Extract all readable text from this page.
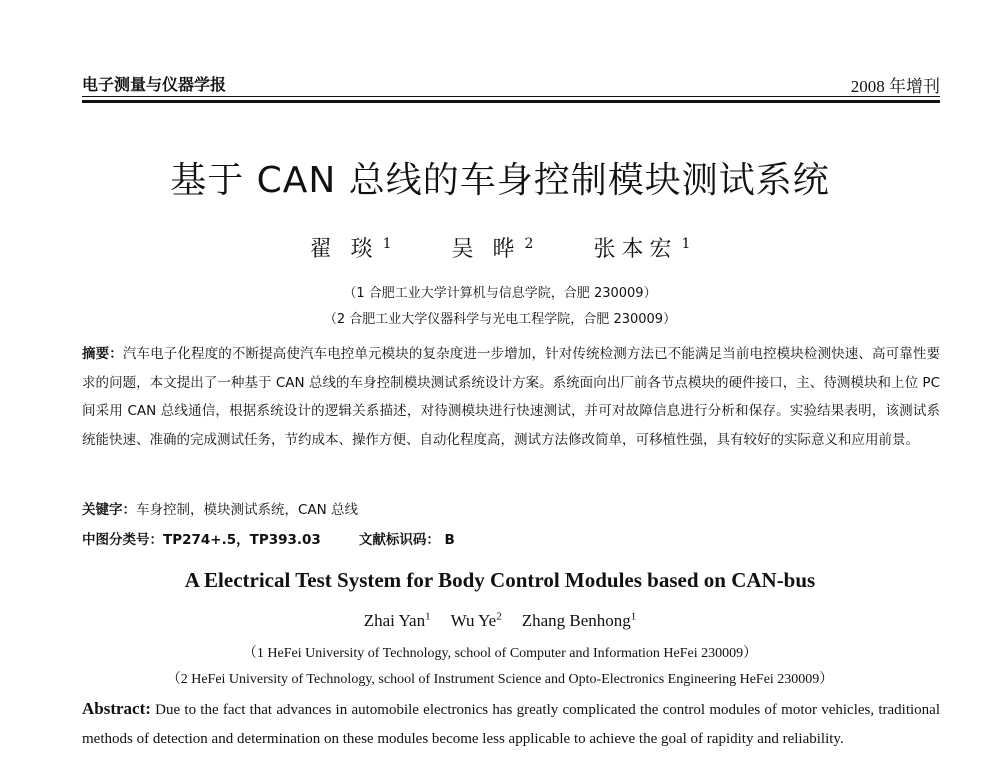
电子测量与仪器学报	2008 年增刊
基于 CAN 总线的车身控制模块测试系统
翟 琰 $^1$	吴 晔 $^2$	张本宏 $^1$
（1 合肥工业大学计算机与信息学院，合肥 230009）
（2 合肥工业大学仪器科学与光电工程学院，合肥 230009）
摘要：汽车电子化程度的不断提高使汽车电控单元模块的复杂度进一步增加，针对传统检测方法已不能满足当前电控模块检测快速、高可靠性要求的问题，本文提出了一种基于 CAN 总线的车身控制模块测试系统设计方案。系统面向出厂前各节点模块的硬件接口，主、待测模块和上位 PC 间采用 CAN 总线通信，根据系统设计的逻辑关系描述，对待测模块进行快速测试，并可对故障信息进行分析和保存。实验结果表明，该测试系统能快速、准确的完成测试任务，节约成本、操作方便、自动化程度高，测试方法修改简单，可移植性强，具有较好的实际意义和应用前景。
关键字：车身控制，模块测试系统，CAN 总线
中图分类号：TP274+.5，TP393.03	文献标识码： B
A Electrical Test System for Body Control Modules based on CAN-bus
Zhai Yan$^1$ Wu Ye$^2$ Zhang Benhong$^1$
（1 HeFei University of Technology, school of Computer and Information HeFei 230009）
（2 HeFei University of Technology, school of Instrument Science and Opto-Electronics Engineering HeFei 230009）
Abstract: Due to the fact that advances in automobile electronics has greatly complicated the control modules of motor vehicles, traditional methods of detection and determination on these modules become less applicable to achieve the goal of rapidity and reliability.
